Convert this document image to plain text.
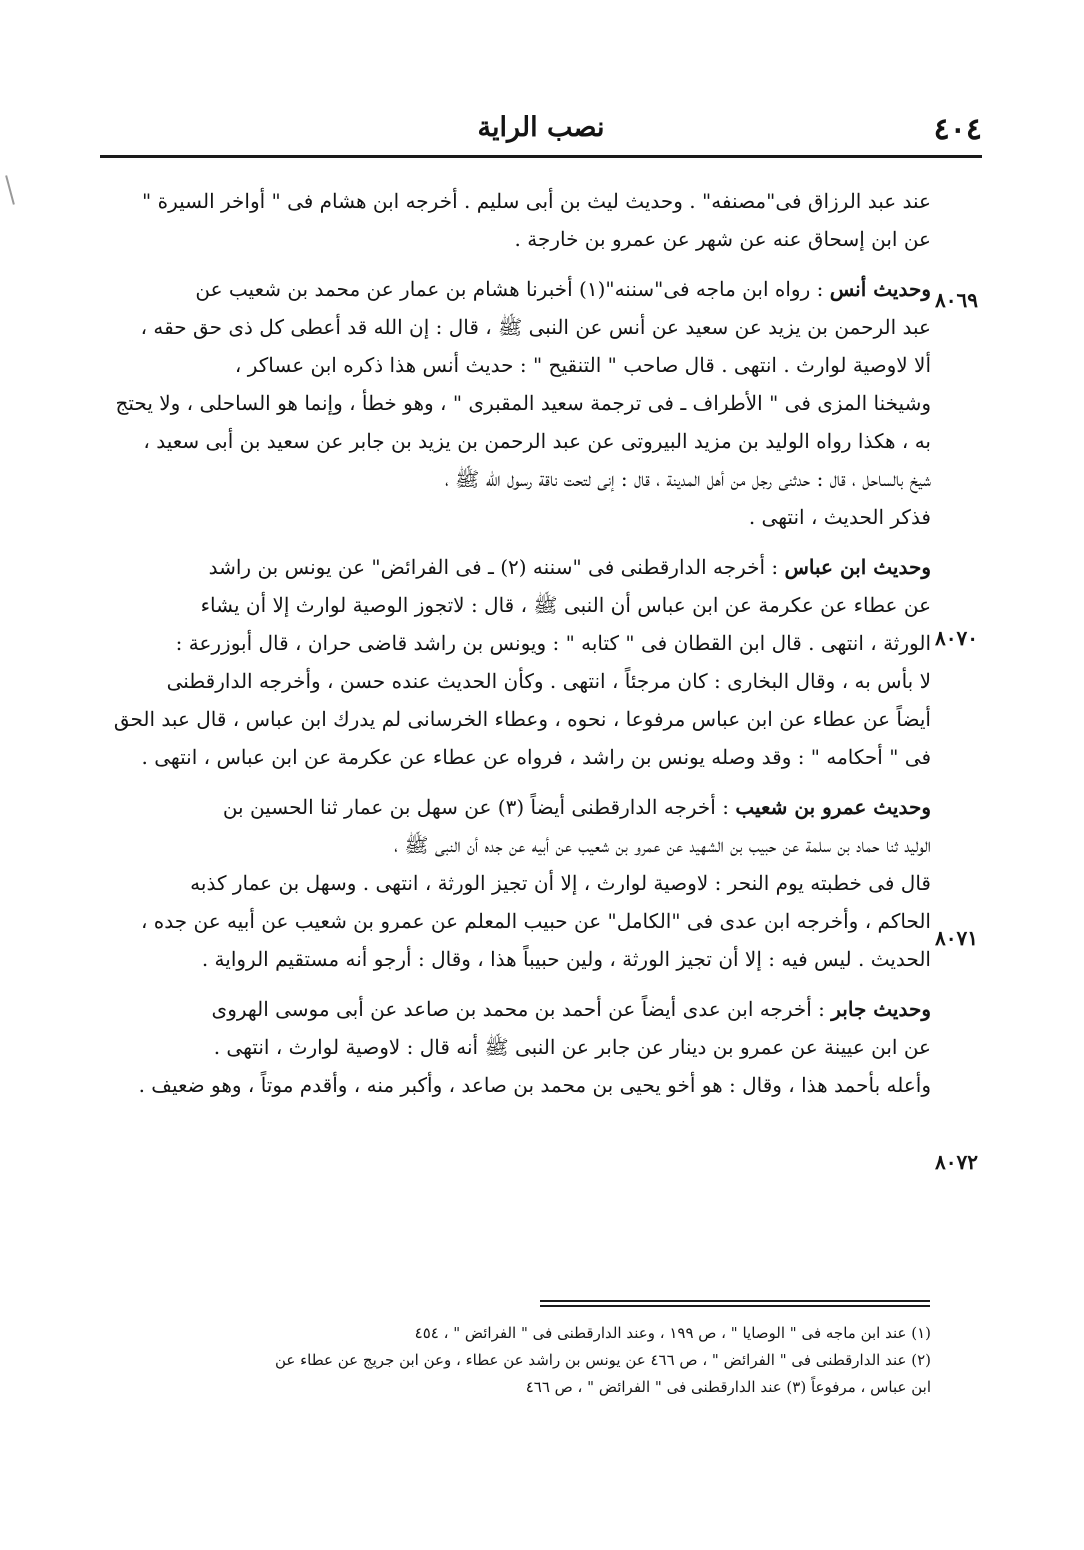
٤٠٤
نصب الراية
٨٠٦٩
٨٠٧٠
٨٠٧١
٨٠٧٢
عند عبد الرزاق فى"مصنفه" . وحديث ليث بن أبى سليم . أخرجه ابن هشام فى " أواخر السيرة "
عن ابن إسحاق عنه عن شهر عن عمرو بن خارجة .
وحديث أنس : رواه ابن ماجه فى"سننه"(١) أخبرنا هشام بن عمار عن محمد بن شعيب عن
عبد الرحمن بن يزيد عن سعيد عن أنس عن النبى ﷺ ، قال : إن الله قد أعطى كل ذى حق حقه ،
ألا لاوصية لوارث . انتهى . قال صاحب " التنقيح " : حديث أنس هذا ذكره ابن عساكر ،
وشيخنا المزى فى " الأطراف ـ فى ترجمة سعيد المقبرى " ، وهو خطأ ، وإنما هو الساحلى ، ولا يحتج
به ، هكذا رواه الوليد بن مزيد البيروتى عن عبد الرحمن بن يزيد بن جابر عن سعيد بن أبى سعيد ،
شيخ بالساحل ، قال : حدثنى رجل من أهل المدينة ، قال : إنى لتحت ناقة رسول الله ﷺ ،
فذكر الحديث ، انتهى .
وحديث ابن عباس : أخرجه الدارقطنى فى "سننه (٢) ـ فى الفرائض" عن يونس بن راشد
عن عطاء عن عكرمة عن ابن عباس أن النبى ﷺ ، قال : لاتجوز الوصية لوارث إلا أن يشاء
الورثة ، انتهى . قال ابن القطان فى " كتابه " : ويونس بن راشد قاضى حران ، قال أبوزرعة :
لا بأس به ، وقال البخارى : كان مرجئاً ، انتهى . وكأن الحديث عنده حسن ، وأخرجه الدارقطنى
أيضاً عن عطاء عن ابن عباس مرفوعا ، نحوه ، وعطاء الخرسانى لم يدرك ابن عباس ، قال عبد الحق
فى " أحكامه " : وقد وصله يونس بن راشد ، فرواه عن عطاء عن عكرمة عن ابن عباس ، انتهى .
وحديث عمرو بن شعيب : أخرجه الدارقطنى أيضاً (٣) عن سهل بن عمار ثنا الحسين بن
الوليد ثنا حماد بن سلمة عن حبيب بن الشهيد عن عمرو بن شعيب عن أبيه عن جده أن النبى ﷺ ،
قال فى خطبته يوم النحر : لاوصية لوارث ، إلا أن تجيز الورثة ، انتهى . وسهل بن عمار كذبه
الحاكم ، وأخرجه ابن عدى فى "الكامل" عن حبيب المعلم عن عمرو بن شعيب عن أبيه عن جده ،
الحديث . ليس فيه : إلا أن تجيز الورثة ، ولين حبيباً هذا ، وقال : أرجو أنه مستقيم الرواية .
وحديث جابر : أخرجه ابن عدى أيضاً عن أحمد بن محمد بن صاعد عن أبى موسى الهروى
عن ابن عيينة عن عمرو بن دينار عن جابر عن النبى ﷺ أنه قال : لاوصية لوارث ، انتهى .
وأعله بأحمد هذا ، وقال : هو أخو يحيى بن محمد بن صاعد ، وأكبر منه ، وأقدم موتاً ، وهو ضعيف .
(١) عند ابن ماجه فى " الوصايا " ، ص ١٩٩ ، وعند الدارقطنى فى " الفرائض " ، ٤٥٤
(٢) عند الدارقطنى فى " الفرائض " ، ص ٤٦٦ عن يونس بن راشد عن عطاء ، وعن ابن جريج عن عطاء عن
ابن عباس ، مرفوعاً (٣) عند الدارقطنى فى " الفرائض " ، ص ٤٦٦
